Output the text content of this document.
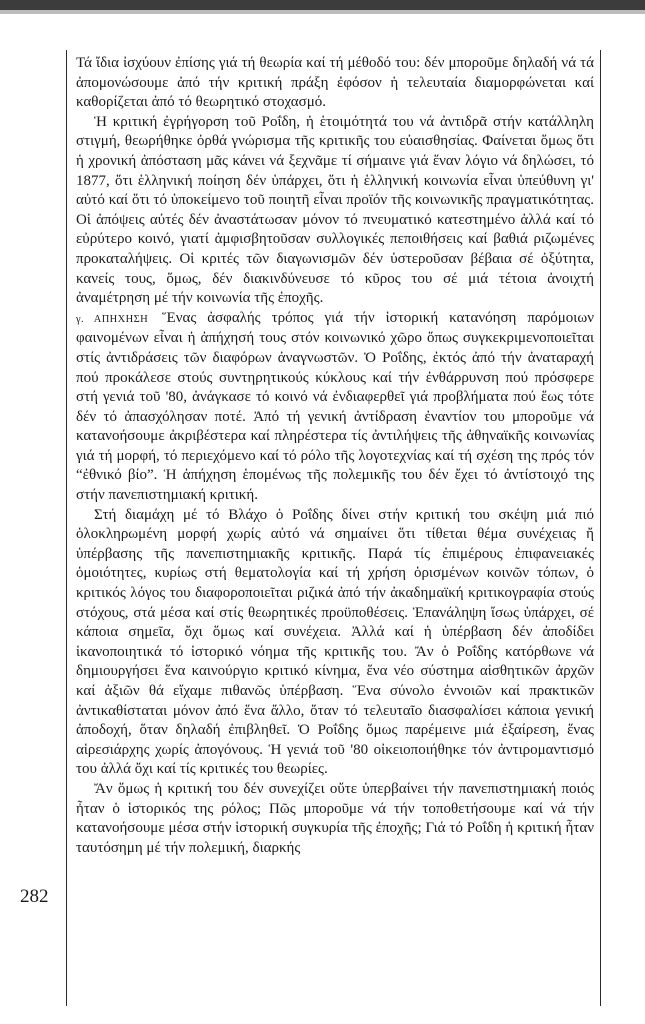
Τά ἴδια ἰσχύουν ἐπίσης γιά τή θεωρία καί τή μέθοδό του: δέν μποροῦμε δηλαδή νά τά ἀπομονώσουμε ἀπό τήν κριτική πράξη ἐφόσον ἡ τελευταία διαμορφώνεται καί καθορίζεται ἀπό τό θεωρητικό στοχασμό.

Ἡ κριτική ἐγρήγορση τοῦ Ροΐδη, ἡ ἑτοιμότητά του νά ἀντιδρᾶ στήν κατάλληλη στιγμή, θεωρήθηκε ὀρθά γνώρισμα τῆς κριτικῆς του εὐαισθησίας. Φαίνεται ὅμως ὅτι ἡ χρονική ἀπόσταση μᾶς κάνει νά ξεχνᾶμε τί σήμαινε γιά ἕναν λόγιο νά δηλώσει, τό 1877, ὅτι ἑλληνική ποίηση δέν ὑπάρχει, ὅτι ἡ ἑλληνική κοινωνία εἶναι ὑπεύθυνη γι' αὐτό καί ὅτι τό ὑποκείμενο τοῦ ποιητῆ εἶναι προϊόν τῆς κοινωνικῆς πραγματικότητας. Οἱ ἀπόψεις αὐτές δέν ἀναστάτωσαν μόνον τό πνευματικό κατεστημένο ἀλλά καί τό εὐρύτερο κοινό, γιατί ἀμφισβητοῦσαν συλλογικές πεποιθήσεις καί βαθιά ριζωμένες προκαταλήψεις. Οἱ κριτές τῶν διαγωνισμῶν δέν ὑστεροῦσαν βέβαια σέ ὀξύτητα, κανείς τους, ὅμως, δέν διακινδύνευσε τό κῦρος του σέ μιά τέτοια ἀνοιχτή ἀναμέτρηση μέ τήν κοινωνία τῆς ἐποχῆς.

γ. ΑΠΗΧΗΣΗ Ἕνας ἀσφαλής τρόπος γιά τήν ἱστορική κατανόηση παρόμοιων φαινομένων εἶναι ἡ ἀπήχησή τους στόν κοινωνικό χῶρο ὅπως συγκεκριμενοποιεῖται στίς ἀντιδράσεις τῶν διαφόρων ἀναγνωστῶν. Ὁ Ροΐδης, ἐκτός ἀπό τήν ἀναταραχή πού προκάλεσε στούς συντηρητικούς κύκλους καί τήν ἐνθάρρυνση πού πρόσφερε στή γενιά τοῦ '80, ἀνάγκασε τό κοινό νά ἐνδιαφερθεῖ γιά προβλήματα πού ἕως τότε δέν τό ἀπασχόλησαν ποτέ. Ἀπό τή γενική ἀντίδραση ἐναντίον του μποροῦμε νά κατανοήσουμε ἀκριβέστερα καί πληρέστερα τίς ἀντιλήψεις τῆς ἀθηναϊκῆς κοινωνίας γιά τή μορφή, τό περιεχόμενο καί τό ρόλο τῆς λογοτεχνίας καί τή σχέση της πρός τόν “ἐθνικό βίο”. Ἡ ἀπήχηση ἑπομένως τῆς πολεμικῆς του δέν ἔχει τό ἀντίστοιχό της στήν πανεπιστημιακή κριτική.

Στή διαμάχη μέ τό Βλάχο ὁ Ροΐδης δίνει στήν κριτική του σκέψη μιά πιό ὁλοκληρωμένη μορφή χωρίς αὐτό νά σημαίνει ὅτι τίθεται θέμα συνέχειας ἤ ὑπέρβασης τῆς πανεπιστημιακῆς κριτικῆς. Παρά τίς ἐπιμέρους ἐπιφανειακές ὁμοιότητες, κυρίως στή θεματολογία καί τή χρήση ὁρισμένων κοινῶν τόπων, ὁ κριτικός λόγος του διαφοροποιεῖται ριζικά ἀπό τήν ἀκαδημαϊκή κριτικογραφία στούς στόχους, στά μέσα καί στίς θεωρητικές προϋποθέσεις. Ἐπανάληψη ἴσως ὑπάρχει, σέ κάποια σημεῖα, ὄχι ὅμως καί συνέχεια. Ἀλλά καί ἡ ὑπέρβαση δέν ἀποδίδει ἱκανοποιητικά τό ἱστορικό νόημα τῆς κριτικῆς του. Ἄν ὁ Ροΐδης κατόρθωνε νά δημιουργήσει ἕνα καινούργιο κριτικό κίνημα, ἕνα νέο σύστημα αἰσθητικῶν ἀρχῶν καί ἀξιῶν θά εἴχαμε πιθανῶς ὑπέρβαση. Ἕνα σύνολο ἐννοιῶν καί πρακτικῶν ἀντικαθίσταται μόνον ἀπό ἕνα ἄλλο, ὅταν τό τελευταῖο διασφαλίσει κάποια γενική ἀποδοχή, ὅταν δηλαδή ἐπιβληθεῖ. Ὁ Ροΐδης ὅμως παρέμεινε μιά ἐξαίρεση, ἕνας αἱρεσιάρχης χωρίς ἀπογόνους. Ἡ γενιά τοῦ '80 οἰκειοποιήθηκε τόν ἀντιρομαντισμό του ἀλλά ὄχι καί τίς κριτικές του θεωρίες.

Ἄν ὅμως ἡ κριτική του δέν συνεχίζει οὔτε ὑπερβαίνει τήν πανεπιστημιακή ποιός ἦταν ὁ ἱστορικός της ρόλος; Πῶς μποροῦμε νά τήν τοποθετήσουμε καί νά τήν κατανοήσουμε μέσα στήν ἱστορική συγκυρία τῆς ἐποχῆς; Γιά τό Ροΐδη ἡ κριτική ἦταν ταυτόσημη μέ τήν πολεμική, διαρκής

282
